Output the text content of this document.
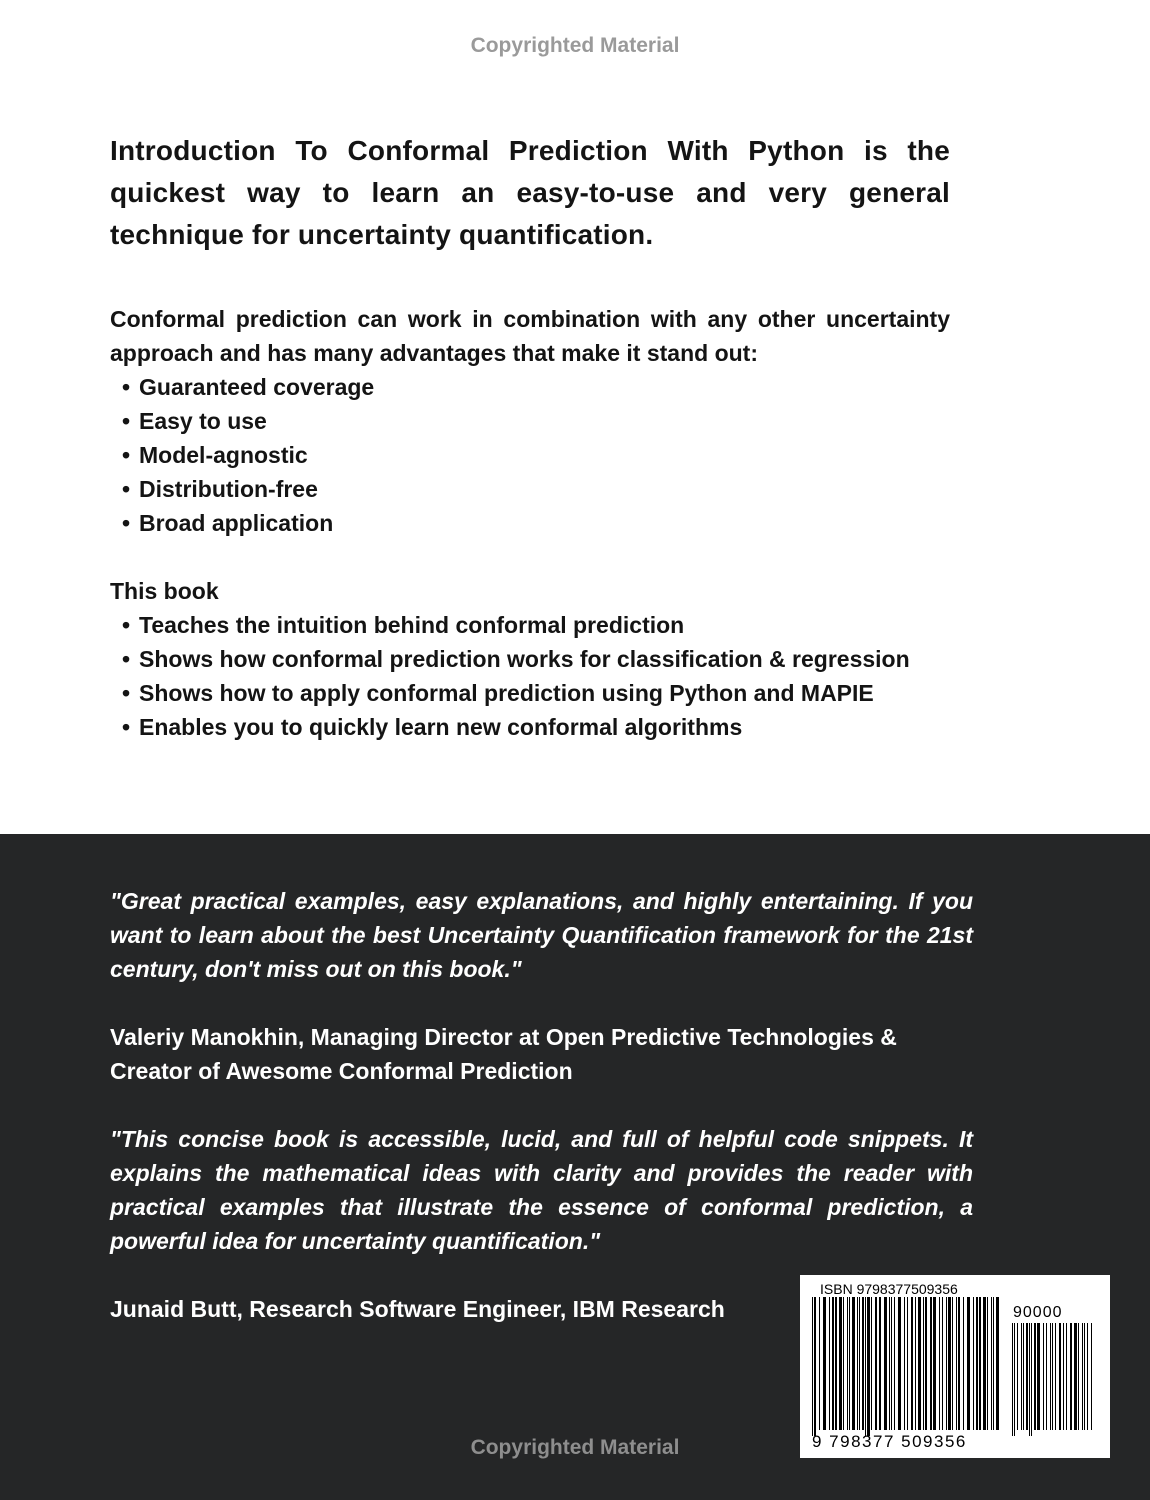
Copyrighted Material

Introduction To Conformal Prediction With Python is the quickest way to learn an easy-to-use and very general technique for uncertainty quantification.

Conformal prediction can work in combination with any other uncertainty approach and has many advantages that make it stand out:

• Guaranteed coverage
• Easy to use
• Model-agnostic
• Distribution-free
• Broad application

This book

• Teaches the intuition behind conformal prediction
• Shows how conformal prediction works for classification & regression
• Shows how to apply conformal prediction using Python and MAPIE
• Enables you to quickly learn new conformal algorithms

"Great practical examples, easy explanations, and highly entertaining. If you want to learn about the best Uncertainty Quantification framework for the 21st century, don't miss out on this book."

Valeriy Manokhin, Managing Director at Open Predictive Technologies & Creator of Awesome Conformal Prediction

"This concise book is accessible, lucid, and full of helpful code snippets. It explains the mathematical ideas with clarity and provides the reader with practical examples that illustrate the essence of conformal prediction, a powerful idea for uncertainty quantification."

Junaid Butt, Research Software Engineer, IBM Research

ISBN 9798377509356
90000
9 798377 509356
Copyrighted Material
